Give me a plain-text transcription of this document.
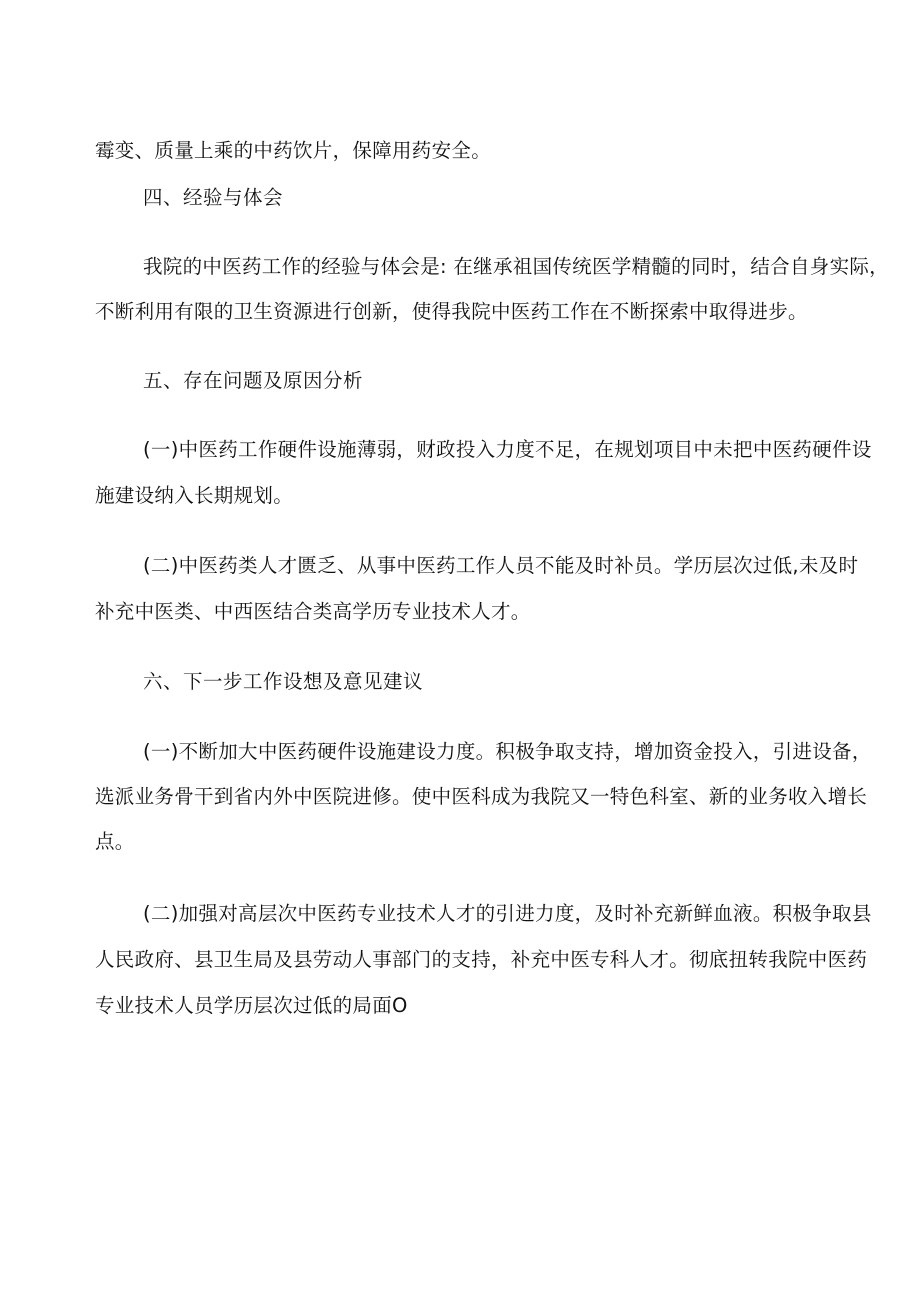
霉变、质量上乘的中药饮片，保障用药安全。
四、经验与体会
我院的中医药工作的经验与体会是: 在继承祖国传统医学精髓的同时，结合自身实际，
不断利用有限的卫生资源进行创新，使得我院中医药工作在不断探索中取得进步。
五、存在问题及原因分析
(一)中医药工作硬件设施薄弱，财政投入力度不足，在规划项目中未把中医药硬件设
施建设纳入长期规划。
(二)中医药类人才匮乏、从事中医药工作人员不能及时补员。学历层次过低,未及时
补充中医类、中西医结合类高学历专业技术人才。
六、下一步工作设想及意见建议
(一)不断加大中医药硬件设施建设力度。积极争取支持，增加资金投入，引进设备，
选派业务骨干到省内外中医院进修。使中医科成为我院又一特色科室、新的业务收入增长
点。
(二)加强对高层次中医药专业技术人才的引进力度，及时补充新鲜血液。积极争取县
人民政府、县卫生局及县劳动人事部门的支持，补充中医专科人才。彻底扭转我院中医药
专业技术人员学历层次过低的局面O
